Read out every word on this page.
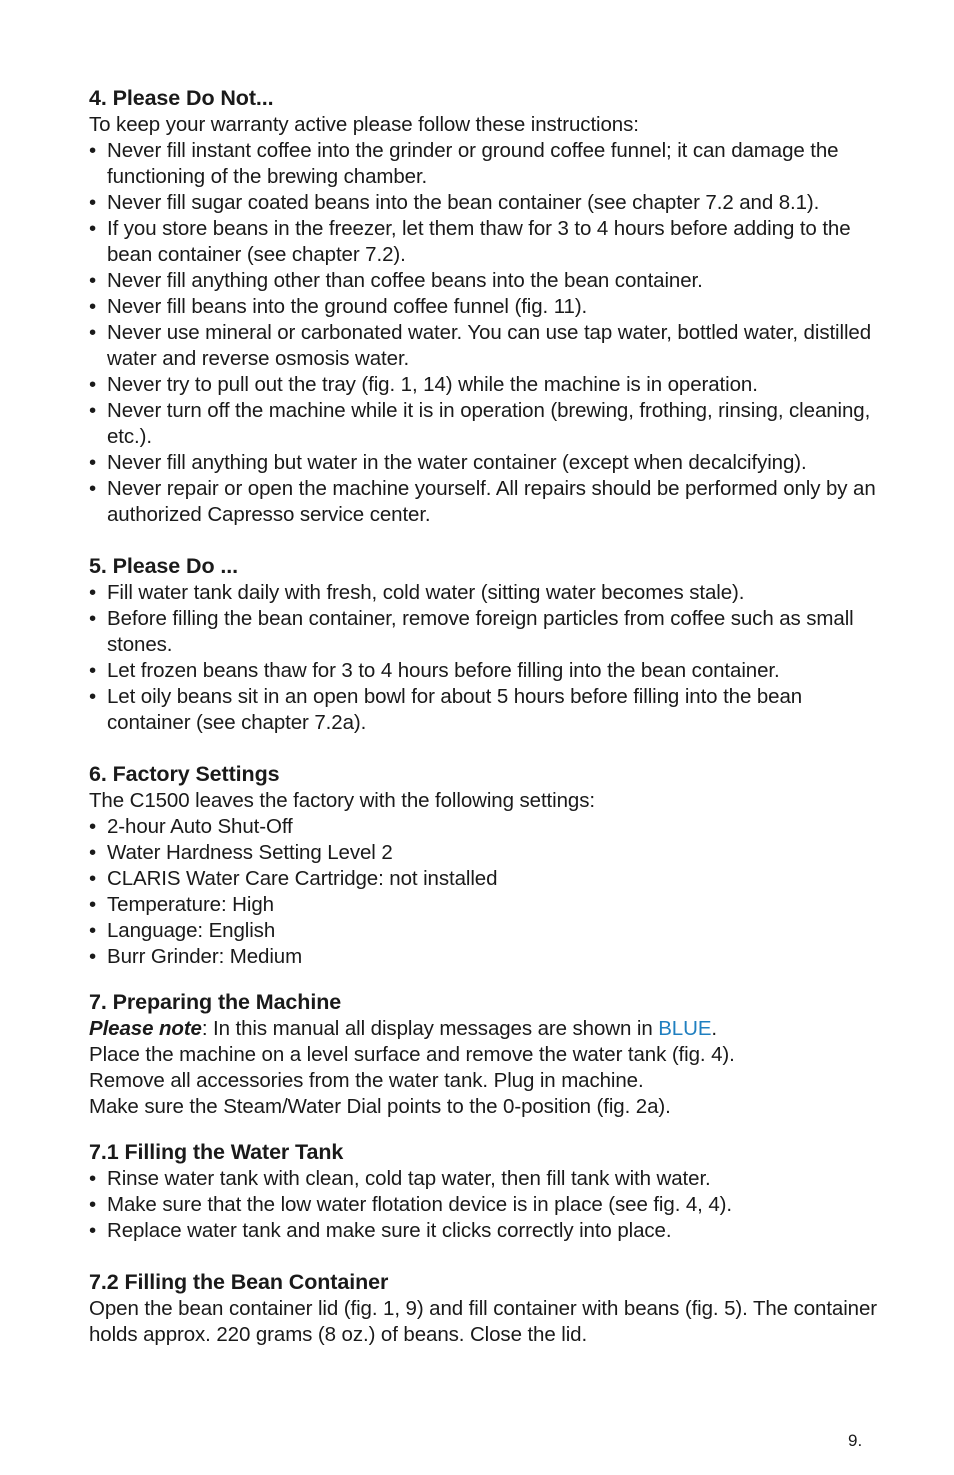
4. Please Do Not...

To keep your warranty active please follow these instructions:

• Never fill instant coffee into the grinder or ground coffee funnel; it can damage the functioning of the brewing chamber.
• Never fill sugar coated beans into the bean container (see chapter 7.2 and 8.1).
• If you store beans in the freezer, let them thaw for 3 to 4 hours before adding to the bean container (see chapter 7.2).
• Never fill anything other than coffee beans into the bean container.
• Never fill beans into the ground coffee funnel (fig. 11).
• Never use mineral or carbonated water. You can use tap water, bottled water, distilled water and reverse osmosis water.
• Never try to pull out the tray (fig. 1, 14) while the machine is in operation.
• Never turn off the machine while it is in operation (brewing, frothing, rinsing, cleaning, etc.).
• Never fill anything but water in the water container (except when decalcifying).
• Never repair or open the machine yourself. All repairs should be performed only by an authorized Capresso service center.

5. Please Do ...

• Fill water tank daily with fresh, cold water (sitting water becomes stale).
• Before filling the bean container, remove foreign particles from coffee such as small stones.
• Let frozen beans thaw for 3 to 4 hours before filling into the bean container.
• Let oily beans sit in an open bowl for about 5 hours before filling into the bean container (see chapter 7.2a).

6. Factory Settings

The C1500 leaves the factory with the following settings:

• 2-hour Auto Shut-Off
• Water Hardness Setting Level 2
• CLARIS Water Care Cartridge: not installed
• Temperature: High
• Language: English
• Burr Grinder: Medium

7. Preparing the Machine

Please note: In this manual all display messages are shown in BLUE.

Place the machine on a level surface and remove the water tank (fig. 4).

Remove all accessories from the water tank. Plug in machine.

Make sure the Steam/Water Dial points to the 0-position (fig. 2a).

7.1 Filling the Water Tank

• Rinse water tank with clean, cold tap water, then fill tank with water.
• Make sure that the low water flotation device is in place (see fig. 4, 4).
• Replace water tank and make sure it clicks correctly into place.

7.2 Filling the Bean Container

Open the bean container lid (fig. 1, 9) and fill container with beans (fig. 5). The container holds approx. 220 grams (8 oz.) of beans. Close the lid.

9.
